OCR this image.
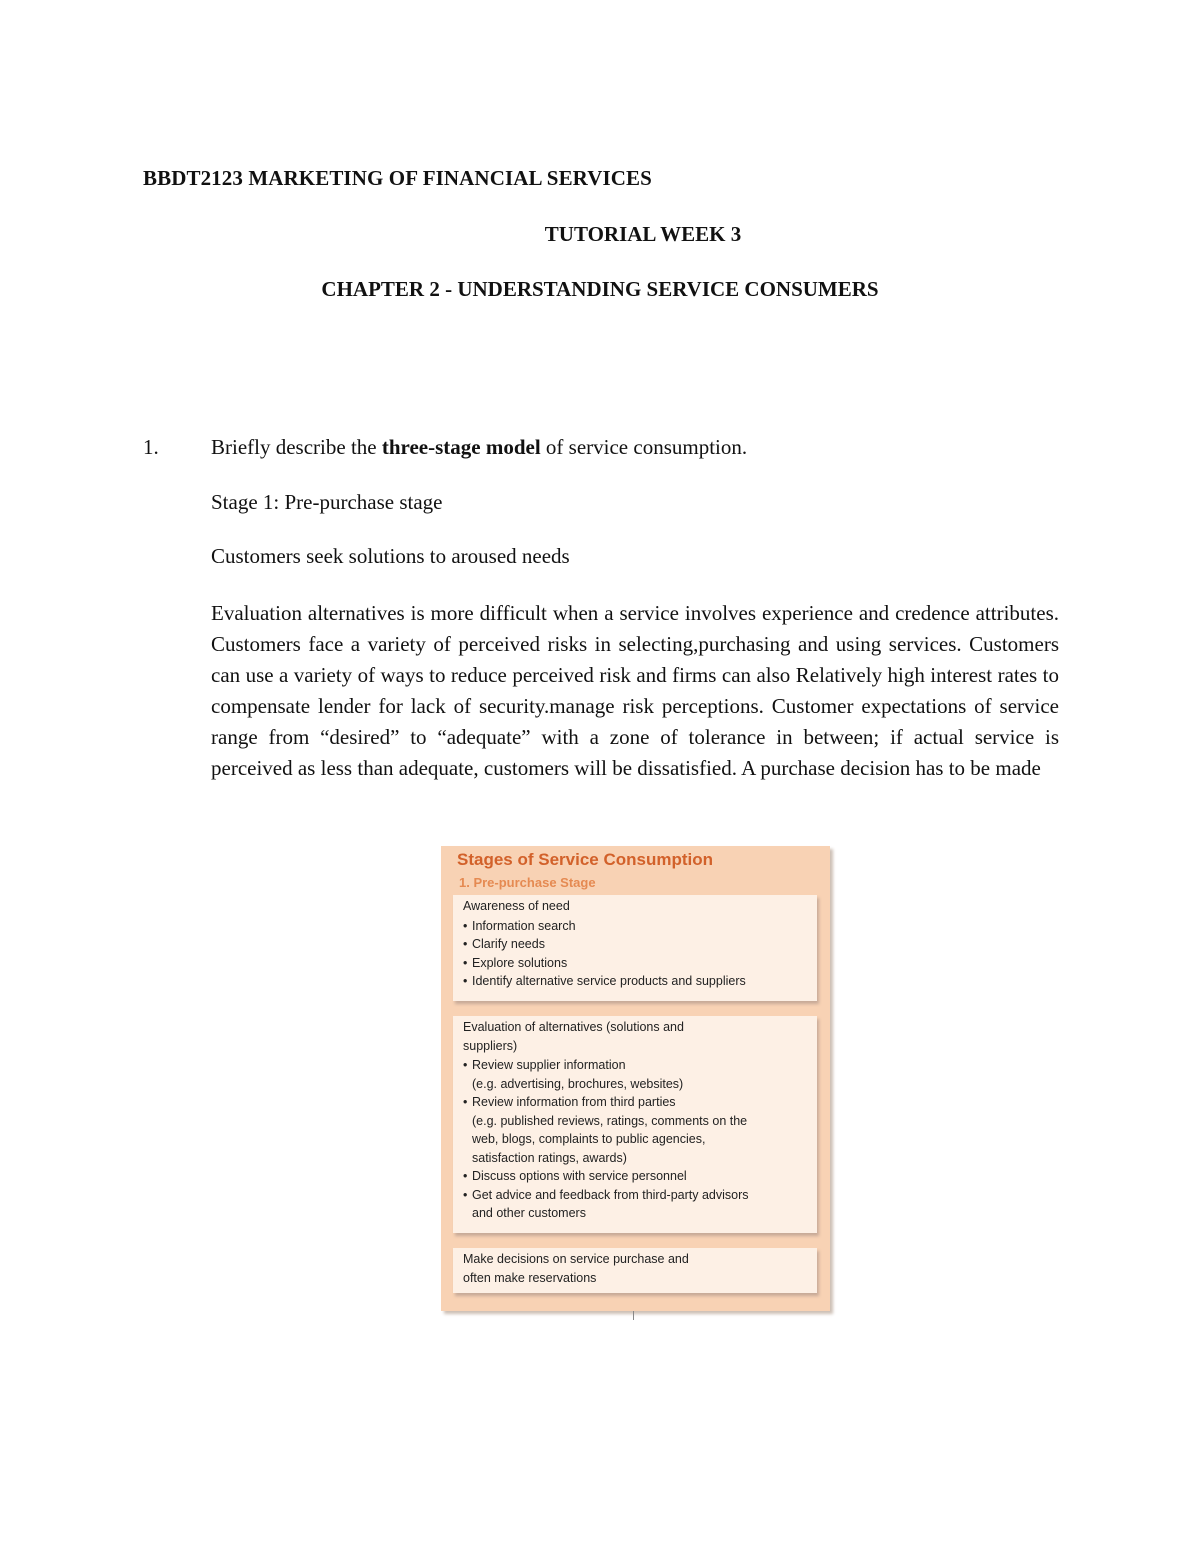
BBDT2123 MARKETING OF FINANCIAL SERVICES
TUTORIAL WEEK 3
CHAPTER 2 - UNDERSTANDING SERVICE CONSUMERS
1. Briefly describe the three-stage model of service consumption.
Stage 1: Pre-purchase stage
Customers seek solutions to aroused needs
Evaluation alternatives is more difficult when a service involves experience and credence attributes. Customers face a variety of perceived risks in selecting,purchasing and using services. Customers can use a variety of ways to reduce perceived risk and firms can also Relatively high interest rates to compensate lender for lack of security.manage risk perceptions. Customer expectations of service range from “desired” to “adequate” with a zone of tolerance in between; if actual service is perceived as less than adequate, customers will be dissatisfied. A purchase decision has to be made
Stages of Service Consumption
1. Pre-purchase Stage
Awareness of need
• Information search
• Clarify needs
• Explore solutions
• Identify alternative service products and suppliers
Evaluation of alternatives (solutions and
suppliers)
• Review supplier information
(e.g. advertising, brochures, websites)
• Review information from third parties
(e.g. published reviews, ratings, comments on the
web, blogs, complaints to public agencies,
satisfaction ratings, awards)
• Discuss options with service personnel
• Get advice and feedback from third-party advisors
and other customers
Make decisions on service purchase and
often make reservations
